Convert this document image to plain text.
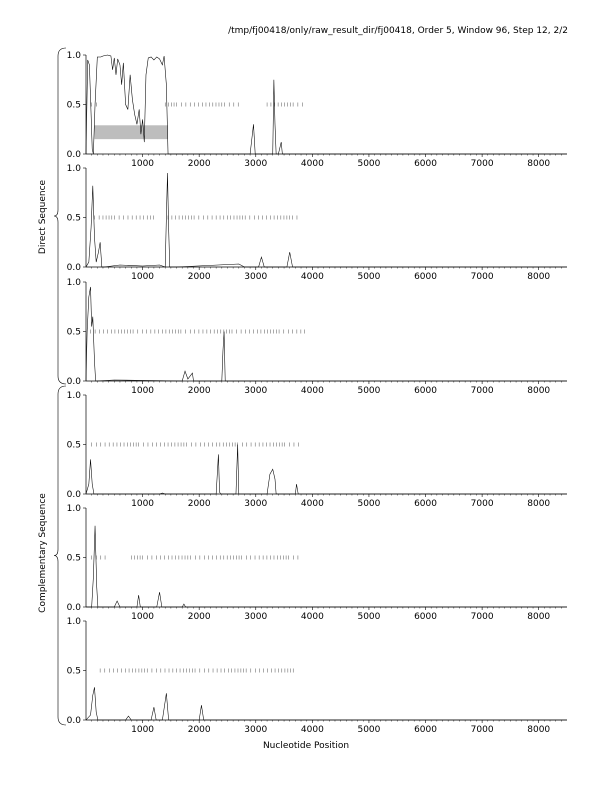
/tmp/fj00418/only/raw_result_dir/fj00418, Order 5, Window 96, Step 12, 2/2
Direct Sequence
Complementary Sequence
0.0
0.5
1.0
1000	2000	3000	4000	5000	6000	7000	8000
0.0
0.5
1.0
1000	2000	3000	4000	5000	6000	7000	8000
0.0
0.5
1.0
1000	2000	3000	4000	5000	6000	7000	8000
0.0
0.5
1.0
1000	2000	3000	4000	5000	6000	7000	8000
0.0
0.5
1.0
1000	2000	3000	4000	5000	6000	7000	8000
0.0
0.5
1.0
1000	2000	3000	4000	5000	6000	7000	8000
Nucleotide Position
